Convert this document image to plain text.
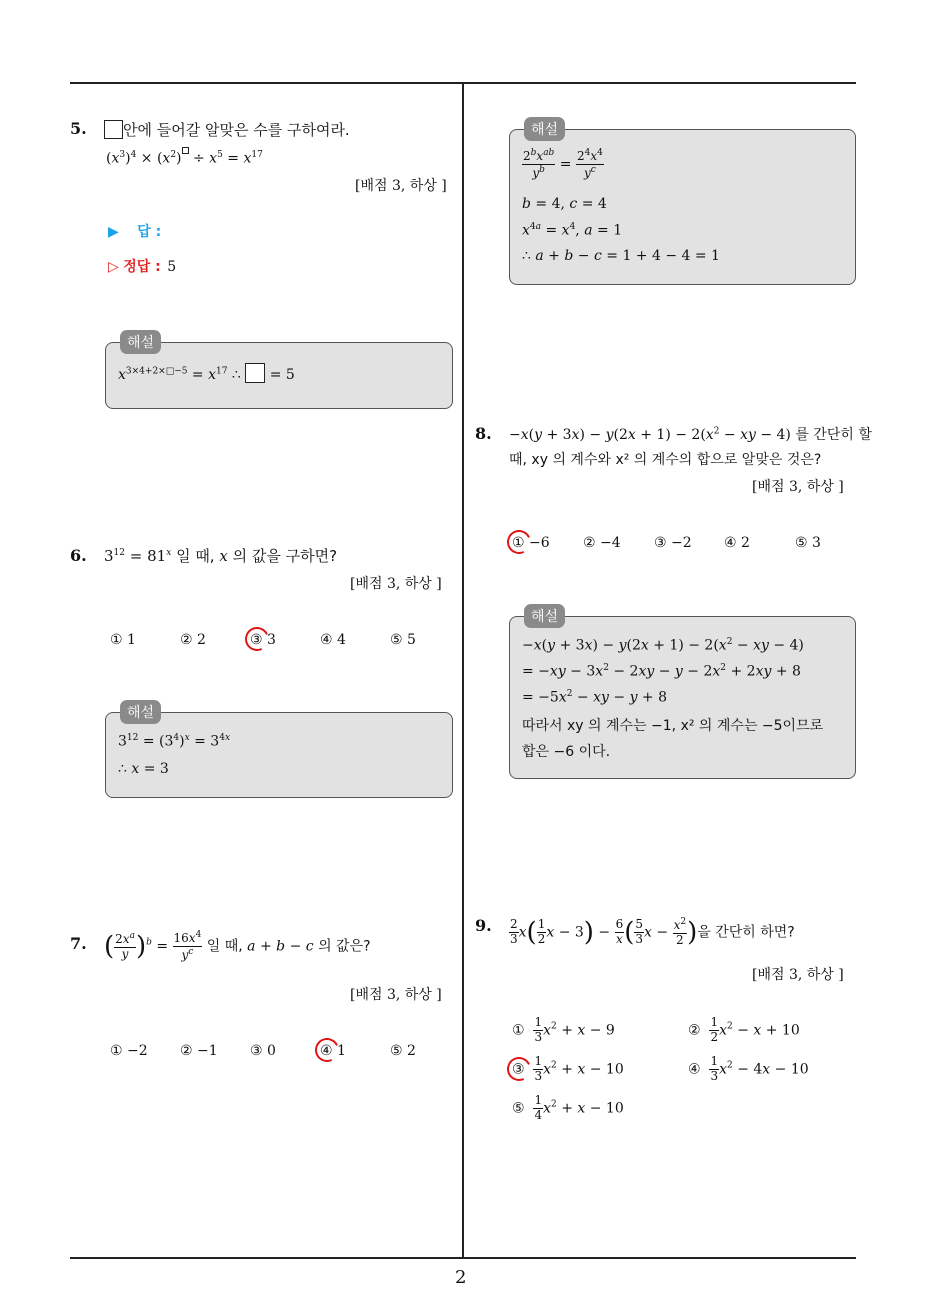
2
5.	안에 들어갈 알맞은 수를 구하여라.
$(x^3)^4 \times (x^2) \div x^5 = x^{17}$
[배점 3, 하상 ]
▶ 답 :
▷ 정답 : 5
해설
$x^{3\times 4+2\times□-5} = x^{17}$ ∴  = 5
6. $3^{12} = 81^x$ 일 때, x 의 값을 구하면?
[배점 3, 하상 ]
① 1	② 2	③ 3	④ 4	⑤ 5
해설
$3^{12} = (3^4)^x = 3^{4x}$
∴ x = 3
7. ( $\frac{2x^a}{y} )^b = \frac{16x^4}{y^c}$ 일 때, a + b − c 의 값은?
[배점 3, 하상 ]
① −2 ② −1 ③ 0	④ 1	⑤ 2
해설
$\frac{2^bx^{ab}}{y^b} = \frac{2^4x^4}{y^c}$
b = 4, c = 4
$x^{4a} = x^4$, a = 1
∴ a + b − c = 1 + 4 − 4 = 1
8. $-x(y + 3x) - y(2x + 1) - 2(x^2$ − xy − 4) 를 간단히 할
때, xy 의 계수와 x² 의 계수의 합으로 알맞은 것은?
[배점 3, 하상 ]
① −6 ② −4 ③ −2 ④ 2	⑤ 3
해설
$-x(y + 3x) - y(2x + 1) - 2(x^2$ − xy − 4)
= $-xy - 3x^2 - 2xy - y - 2x^2 + 2xy + 8$
= $-5x^2$ − xy − y + 8
따라서 xy 의 계수는 −1, x² 의 계수는 −5이므로
합은 −6 이다.
9. $\frac{2}{3} x( \frac{1}{2}$ $x - 3) - \frac{6}{x}$ ( $\frac{5}{3}$ $x - \frac{x^2}{2}$ )을 간단히 하면?
[배점 3, 하상 ]
① $\frac{1}{3} x^2 + x - 9$	② $\frac{1}{2} x^2 - x + 10$
③ $\frac{1}{3} x^2 + x - 10$	④ $\frac{1}{3} x^2 - 4x - 10$
⑤ $\frac{1}{4} x^2 + x - 10$
